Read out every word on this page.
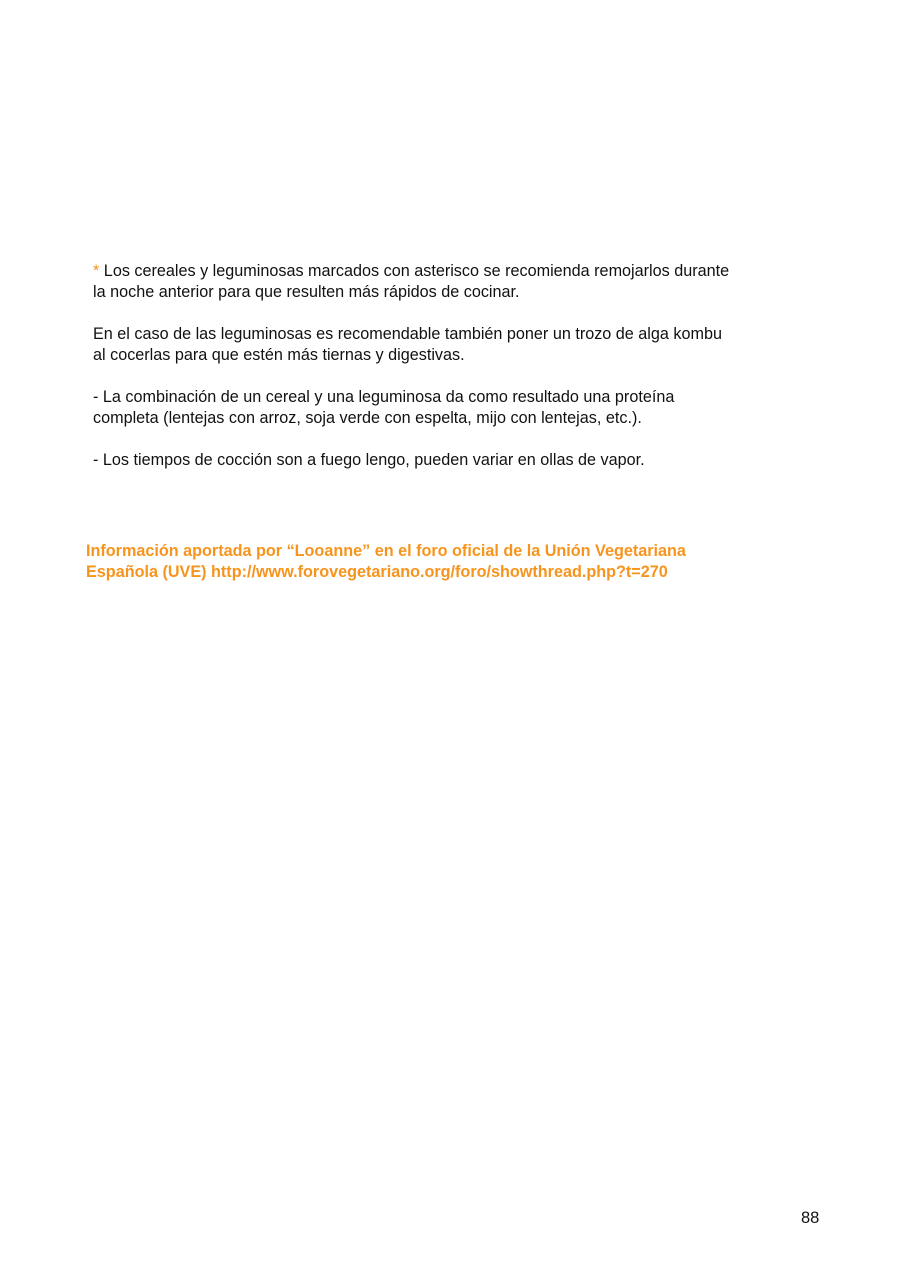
* Los cereales y leguminosas marcados con asterisco se recomienda remojarlos durante
la noche anterior para que resulten más rápidos de cocinar.

En el caso de las leguminosas es recomendable también poner un trozo de alga kombu
al cocerlas para que estén más tiernas y digestivas.

- La combinación de un cereal y una leguminosa da como resultado una proteína
completa (lentejas con arroz, soja verde con espelta, mijo con lentejas, etc.).

- Los tiempos de cocción son a fuego lengo, pueden variar en ollas de vapor.

Información aportada por “Looanne” en el foro oficial de la Unión Vegetariana

Española (UVE) http://www.forovegetariano.org/foro/showthread.php?t=270

88
